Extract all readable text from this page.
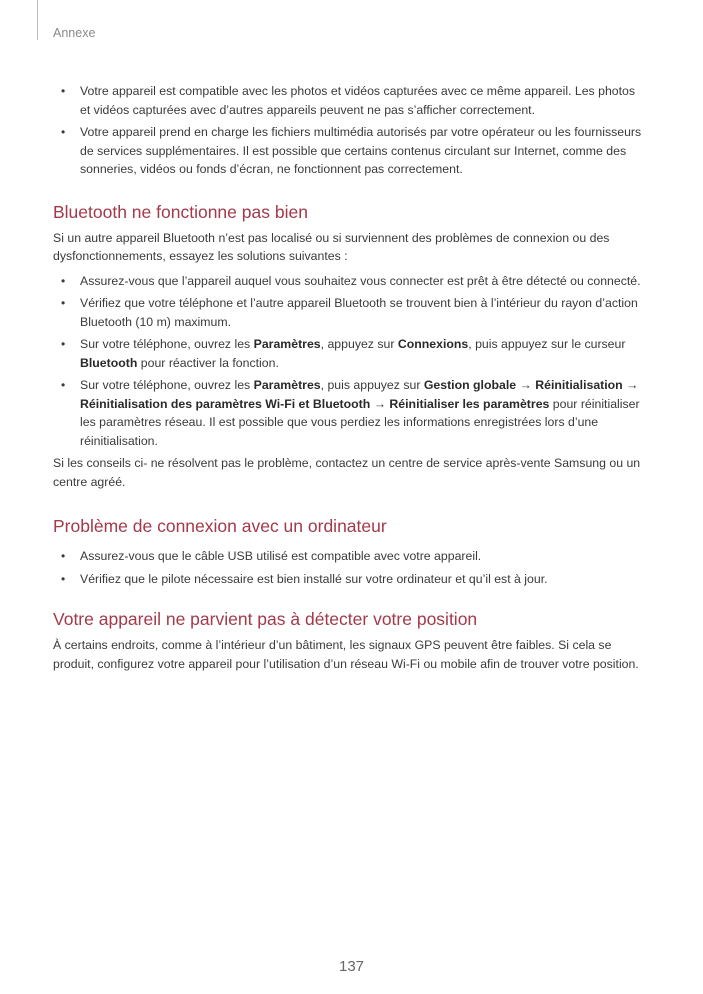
Annexe
• Votre appareil est compatible avec les photos et vidéos capturées avec ce même appareil. Les photos et vidéos capturées avec d’autres appareils peuvent ne pas s’afficher correctement.
• Votre appareil prend en charge les fichiers multimédia autorisés par votre opérateur ou les fournisseurs de services supplémentaires. Il est possible que certains contenus circulant sur Internet, comme des sonneries, vidéos ou fonds d’écran, ne fonctionnent pas correctement.
Bluetooth ne fonctionne pas bien

Si un autre appareil Bluetooth n’est pas localisé ou si surviennent des problèmes de connexion ou des dysfonctionnements, essayez les solutions suivantes :

• Assurez-vous que l’appareil auquel vous souhaitez vous connecter est prêt à être détecté ou connecté.
• Vérifiez que votre téléphone et l’autre appareil Bluetooth se trouvent bien à l’intérieur du rayon d’action Bluetooth (10 m) maximum.
• Sur votre téléphone, ouvrez les Paramètres, appuyez sur Connexions, puis appuyez sur le curseur Bluetooth pour réactiver la fonction.
• Sur votre téléphone, ouvrez les Paramètres, puis appuyez sur Gestion globale → Réinitialisation → Réinitialisation des paramètres Wi-Fi et Bluetooth → Réinitialiser les paramètres pour réinitialiser les paramètres réseau. Il est possible que vous perdiez les informations enregistrées lors d’une réinitialisation.

Si les conseils ci- ne résolvent pas le problème, contactez un centre de service après-vente Samsung ou un centre agréé.

Problème de connexion avec un ordinateur
• Assurez-vous que le câble USB utilisé est compatible avec votre appareil.
• Vérifiez que le pilote nécessaire est bien installé sur votre ordinateur et qu’il est à jour.
Votre appareil ne parvient pas à détecter votre position

À certains endroits, comme à l’intérieur d’un bâtiment, les signaux GPS peuvent être faibles. Si cela se produit, configurez votre appareil pour l’utilisation d’un réseau Wi-Fi ou mobile afin de trouver votre position.

137
